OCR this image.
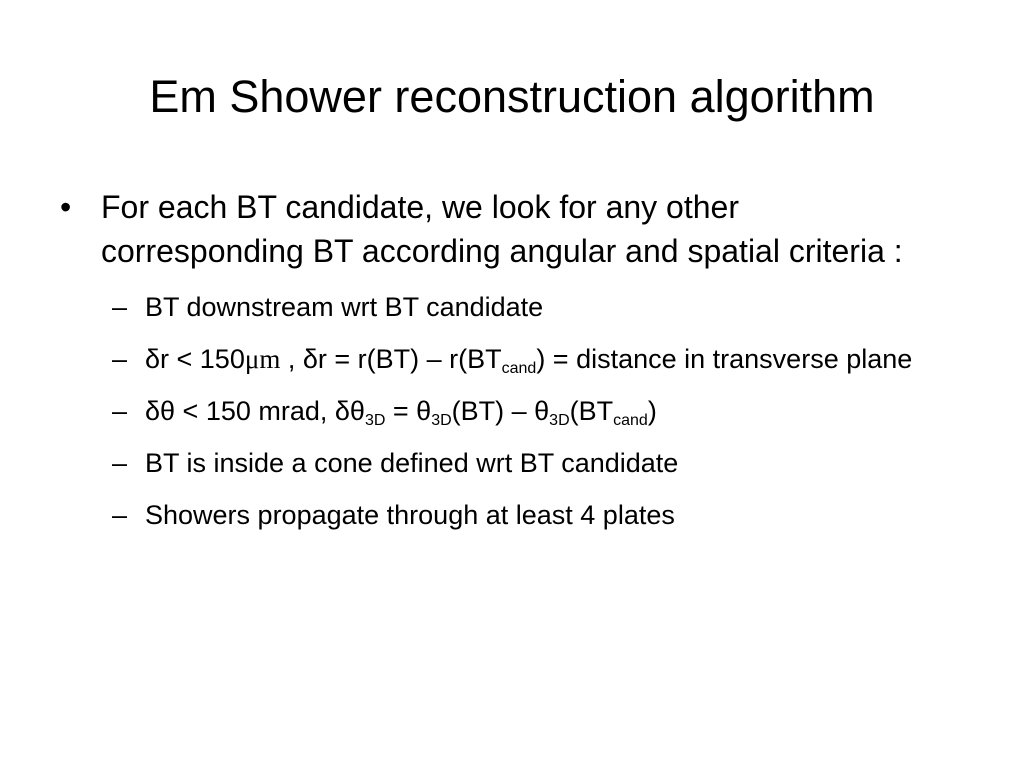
Em Shower reconstruction algorithm
• For each BT candidate, we look for any other corresponding BT according angular and spatial criteria :
– BT downstream wrt BT candidate
– δr < 150μm , $\delta r = r(BT) - r(BT_{cand})$ = distance in transverse plane
– δθ < 150 mrad, $\delta\theta_{3D} = \theta_{3D}(BT) - \theta_{3D}(BT_{cand})$
– BT is inside a cone defined wrt BT candidate
– Showers propagate through at least 4 plates
